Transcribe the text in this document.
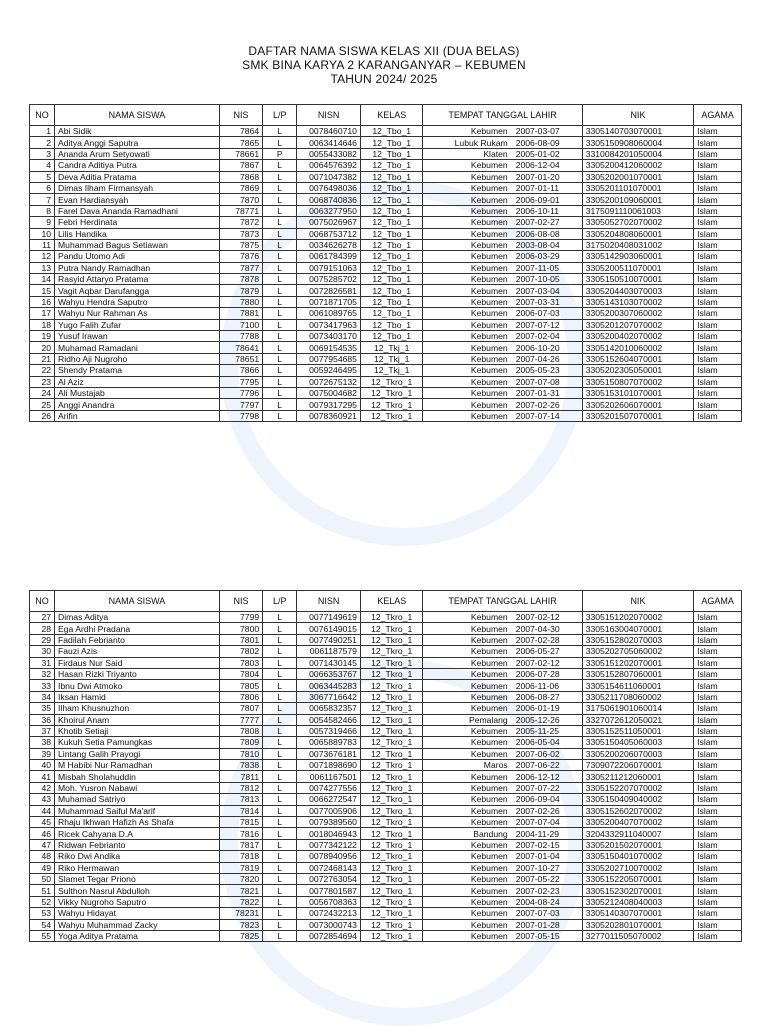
DAFTAR NAMA SISWA KELAS XII (DUA BELAS)
SMK BINA KARYA 2 KARANGANYAR – KEBUMEN
TAHUN 2024/ 2025
NO	NAMA SISWA	NIS	L/P	NISN	KELAS	TEMPAT TANGGAL LAHIR		NIK	AGAMA
1	Abi Sidik	7864	L	0078460710	12_Tbo_1	Kebumen	2007-03-07	3305140703070001	Islam
2	Aditya Anggi Saputra	7865	L	0063414646	12_Tbo_1	Lubuk Rukam	2006-08-09	3305150908060004	Islam
3	Ananda Arum Setyowati	78661	P	0055433082	12_Tbo_1	Klaten	2005-01-02	3310084201050004	Islam
4	Candra Aditiya Putra	7867	L	0064576392	12_Tbo_1	Kebumen	2006-12-04	3305200412060002	Islam
5	Deva Aditia Pratama	7868	L	0071047382	12_Tbo_1	Kebumen	2007-01-20	3305202001070001	Islam
6	Dimas Ilham Firmansyah	7869	L	0076498036	12_Tbo_1	Kebumen	2007-01-11	3305201101070001	Islam
7	Evan Hardiansyah	7870	L	0068740836	12_Tbo_1	Kebumen	2006-09-01	3305200109060001	Islam
8	Farel Dava Ananda Ramadhani	78771	L	0063277950	12_Tbo_1	Kebumen	2006-10-11	3175091110061003	Islam
9	Febri Herdinata	7872	L	0075026967	12_Tbo_1	Kebumen	2007-02-27	3305052702070002	Islam
10	Lilis Handika	7873	L	0068753712	12_Tbo_1	Kebumen	2006-08-08	3305204808060001	Islam
11	Muhammad Bagus Setiawan	7875	L	0034626278	12_Tbo_1	Kebumen	2003-08-04	3175020408031002	Islam
12	Pandu Utomo Adi	7876	L	0061784399	12_Tbo_1	Kebumen	2006-03-29	3305142903060001	Islam
13	Putra Nandy Ramadhan	7877	L	0079151063	12_Tbo_1	Kebumen	2007-11-05	3305200511070001	Islam
14	Rasyid Attaryo Pratama	7878	L	0075285702	12_Tbo_1	Kebumen	2007-10-05	3305150510070001	Islam
15	Vagit Aqbar Darufangga	7879	L	0072826581	12_Tbo_1	Kebumen	2007-03-04	3305204403070003	Islam
16	Wahyu Hendra Saputro	7880	L	0071871705	12_Tbo_1	Kebumen	2007-03-31	3305143103070002	Islam
17	Wahyu Nur Rahman As	7881	L	0061089765	12_Tbo_1	Kebumen	2006-07-03	3305200307060002	Islam
18	Yugo Falih Zufar	7100	L	0073417963	12_Tbo_1	Kebumen	2007-07-12	3305201207070002	Islam
19	Yusuf Irawan	7788	L	0073403170	12_Tbo_1	Kebumen	2007-02-04	3305200402070002	Islam
20	Muhamad Ramadani	78641	L	0069154535	12_Tkj_1	Kebumen	2006-10-20	3305142010060002	Islam
21	Ridho Aji Nugroho	78651	L	0077954685	12_Tkj_1	Kebumen	2007-04-26	3305152604070001	Islam
22	Shendy Pratama	7866	L	0059246495	12_Tkj_1	Kebumen	2005-05-23	3305202305050001	Islam
23	Al Aziz	7795	L	0072675132	12_Tkro_1	Kebumen	2007-07-08	3305150807070002	Islam
24	Ali Mustajab	7796	L	0075004682	12_Tkro_1	Kebumen	2007-01-31	3305153101070001	Islam
25	Anggi Anandra	7797	L	0079317295	12_Tkro_1	Kebumen	2007-02-26	3305202606070001	Islam
26	Arifin	7798	L	0078360921	12_Tkro_1	Kebumen	2007-07-14	3305201507070001	Islam
NO	NAMA SISWA	NIS	L/P	NISN	KELAS	TEMPAT TANGGAL LAHIR		NIK	AGAMA
27	Dimas Aditya	7799	L	0077149619	12_Tkro_1	Kebumen	2007-02-12	3305151202070002	Islam
28	Ega Ardhi Pradana	7800	L	0076149015	12_Tkro_1	Kebumen	2007-04-30	3305163004070001	Islam
29	Fadilah Febrianto	7801	L	0077490251	12_Tkro_1	Kebumen	2007-02-28	3305152802070003	Islam
30	Fauzi Azis	7802	L	0061187579	12_Tkro_1	Kebumen	2006-05-27	3305202705060002	Islam
31	Firdaus Nur Said	7803	L	0071430145	12_Tkro_1	Kebumen	2007-02-12	3305151202070001	Islam
32	Hasan Rizki Triyanto	7804	L	0066353767	12_Tkro_1	Kebumen	2006-07-28	3305152807060001	Islam
33	Ibnu Dwi Atmoko	7805	L	0063445283	12_Tkro_1	Kebumen	2006-11-06	3305154611060001	Islam
34	Iksan Hamid	7806	L	3067716642	12_Tkro_1	Kebumen	2006-08-27	3305211708060002	Islam
35	Ilham Khusnuzhon	7807	L	0065832357	12_Tkro_1	Kebumen	2006-01-19	3175061901060014	Islam
36	Khoirul Anam	7777	L	0054582466	12_Tkro_1	Pemalang	2005-12-26	3327072612050021	Islam
37	Khotib Setiaji	7808	L	0057319466	12_Tkro_1	Kebumen	2005-11-25	3305152511050001	Islam
38	Kukuh Setia Pamungkas	7809	L	0065889783	12_Tkro_1	Kebumen	2006-05-04	3305150405060003	Islam
39	Lintang Galih Prayogi	7810	L	0073676181	12_Tkro_1	Kebumen	2007-06-02	3305200206070003	Islam
40	M Habibi Nur Ramadhan	7838	L	0071898690	12_Tkro_1	Maros	2007-06-22	7309072206070001	Islam
41	Misbah Sholahuddin	7811	L	0061167501	12_Tkro_1	Kebumen	2006-12-12	3305211212060001	Islam
42	Moh. Yusron Nabawi	7812	L	0074277556	12_Tkro_1	Kebumen	2007-07-22	3305152207070002	Islam
43	Muhamad Satriyo	7813	L	0066272547	12_Tkro_1	Kebumen	2006-09-04	3305150409040002	Islam
44	Muhammad Saiful Ma'arif	7814	L	0077005906	12_Tkro_1	Kebumen	2007-02-26	3305152602070002	Islam
45	Rhaju Ikhwan Hafizh As Shafa	7815	L	0079389560	12_Tkro_1	Kebumen	2007-07-04	3305200407070002	Islam
46	Ricek Cahyana D.A	7816	L	0018046943	12_Tkro_1	Bandung	2004-11-29	3204332911040007	Islam
47	Ridwan Febrianto	7817	L	0077342122	12_Tkro_1	Kebumen	2007-02-15	3305201502070001	Islam
48	Riko Dwi Andika	7818	L	0078940956	12_Tkro_1	Kebumen	2007-01-04	3305150401070002	Islam
49	Riko Hermawan	7819	L	0072468143	12_Tkro_1	Kebumen	2007-10-27	3305202710070002	Islam
50	Slamet Tegar Priono	7820	L	0072763054	12_Tkro_1	Kebumen	2007-05-22	3305152205070001	Islam
51	Sulthon Nasrul Abdulloh	7821	L	0077801587	12_Tkro_1	Kebumen	2007-02-23	3305152302070001	Islam
52	Vikky Nugroho Saputro	7822	L	0056708363	12_Tkro_1	Kebumen	2004-08-24	3305212408040003	Islam
53	Wahyu Hidayat	78231	L	0072432213	12_Tkro_1	Kebumen	2007-07-03	3305140307070001	Islam
54	Wahyu Muhammad Zacky	7823	L	0073000743	12_Tkro_1	Kebumen	2007-01-28	3305202801070001	Islam
55	Yoga Aditya Pratama	7825	L	0072854694	12_Tkro_1	Kebumen	2007-05-15	3277011505070002	Islam
